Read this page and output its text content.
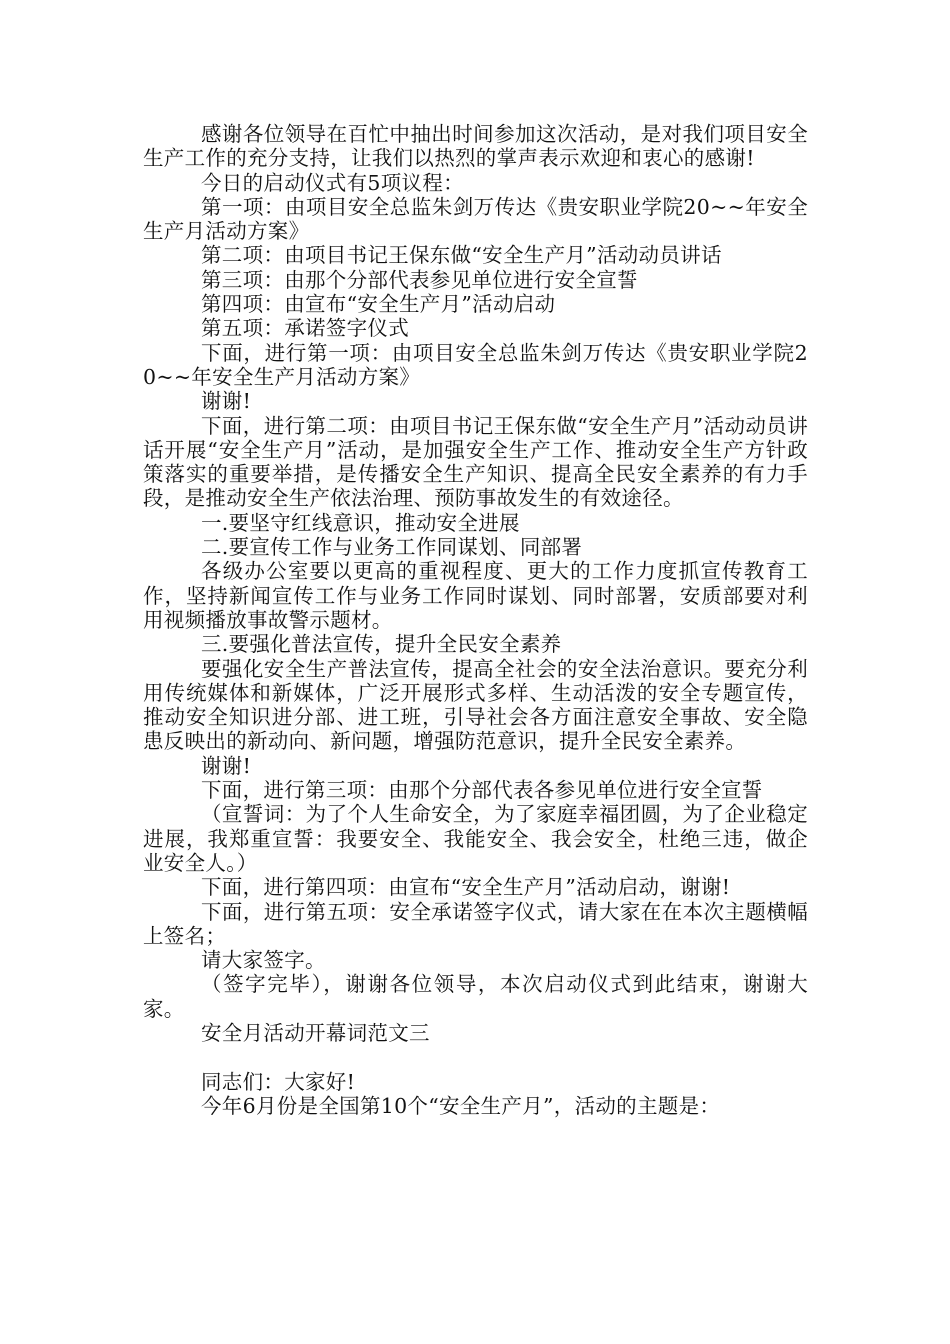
感谢各位领导在百忙中抽出时间参加这次活动，是对我们项目安全生产工作的充分支持，让我们以热烈的掌声表示欢迎和衷心的感谢!

今日的启动仪式有5项议程：

第一项：由项目安全总监朱剑万传达《贵安职业学院20~~年安全生产月活动方案》

第二项：由项目书记王保东做“安全生产月”活动动员讲话

第三项：由那个分部代表参见单位进行安全宣誓

第四项：由宣布“安全生产月”活动启动

第五项：承诺签字仪式

下面，进行第一项：由项目安全总监朱剑万传达《贵安职业学院20~~年安全生产月活动方案》

谢谢!

下面，进行第二项：由项目书记王保东做“安全生产月”活动动员讲话开展“安全生产月”活动，是加强安全生产工作、推动安全生产方针政策落实的重要举措，是传播安全生产知识、提高全民安全素养的有力手段，是推动安全生产依法治理、预防事故发生的有效途径。

一.要坚守红线意识，推动安全进展

二.要宣传工作与业务工作同谋划、同部署

各级办公室要以更高的重视程度、更大的工作力度抓宣传教育工作，坚持新闻宣传工作与业务工作同时谋划、同时部署，安质部要对利用视频播放事故警示题材。

三.要强化普法宣传，提升全民安全素养

要强化安全生产普法宣传，提高全社会的安全法治意识。要充分利用传统媒体和新媒体，广泛开展形式多样、生动活泼的安全专题宣传，推动安全知识进分部、进工班，引导社会各方面注意安全事故、安全隐患反映出的新动向、新问题，增强防范意识，提升全民安全素养。

谢谢!

下面，进行第三项：由那个分部代表各参见单位进行安全宣誓

（宣誓词：为了个人生命安全，为了家庭幸福团圆，为了企业稳定进展，我郑重宣誓：我要安全、我能安全、我会安全，杜绝三违，做企业安全人。）

下面，进行第四项：由宣布“安全生产月”活动启动，谢谢!

下面，进行第五项：安全承诺签字仪式，请大家在在本次主题横幅上签名；

请大家签字。

（签字完毕），谢谢各位领导，本次启动仪式到此结束，谢谢大家。

安全月活动开幕词范文三

同志们：大家好!

今年6月份是全国第10个“安全生产月”，活动的主题是：
